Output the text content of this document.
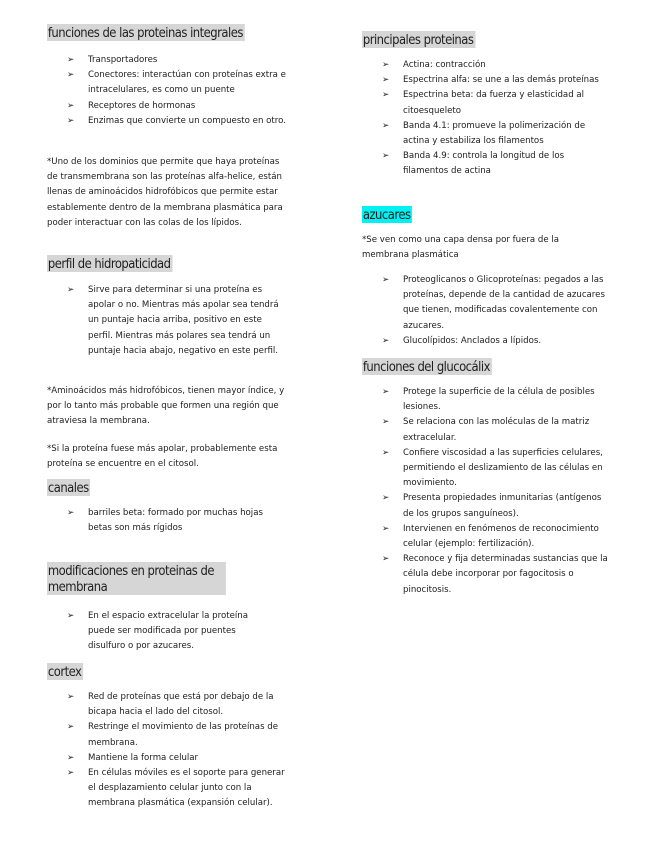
funciones de las proteinas integrales
➢ Transportadores
➢ Conectores: interactúan con proteínas extra e intracelulares, es como un puente
➢ Receptores de hormonas
➢ Enzimas que convierte un compuesto en otro.

*Uno de los dominios que permite que haya proteínas de transmembrana son las proteínas alfa-helice, están llenas de aminoácidos hidrofóbicos que permite estar establemente dentro de la membrana plasmática para poder interactuar con las colas de los lípidos.

perfil de hidropaticidad
➢ Sirve para determinar si una proteína es apolar o no. Mientras más apolar sea tendrá un puntaje hacia arriba, positivo en este perfil. Mientras más polares sea tendrá un puntaje hacia abajo, negativo en este perfil.

*Aminoácidos más hidrofóbicos, tienen mayor índice, y por lo tanto más probable que formen una región que atraviesa la membrana.

*Si la proteína fuese más apolar, probablemente esta proteína se encuentre en el citosol.

canales
➢ barriles beta: formado por muchas hojas betas son más rígidos
modificaciones en proteinas de membrana
➢ En el espacio extracelular la proteína puede ser modificada por puentes disulfuro o por azucares.
cortex
➢ Red de proteínas que está por debajo de la bicapa hacia el lado del citosol.
➢ Restringe el movimiento de las proteínas de membrana.
➢ Mantiene la forma celular
➢ En células móviles es el soporte para generar el desplazamiento celular junto con la membrana plasmática (expansión celular).
principales proteinas
➢ Actina: contracción
➢ Espectrina alfa: se une a las demás proteínas
➢ Espectrina beta: da fuerza y elasticidad al citoesqueleto
➢ Banda 4.1: promueve la polimerización de actina y estabiliza los filamentos
➢ Banda 4.9: controla la longitud de los filamentos de actina
azucares

*Se ven como una capa densa por fuera de la membrana plasmática

➢ Proteoglicanos o Glicoproteínas: pegados a las proteínas, depende de la cantidad de azucares que tienen, modificadas covalentemente con azucares.
➢ Glucolípidos: Anclados a lípidos.
funciones del glucocálix
➢ Protege la superficie de la célula de posibles lesiones.
➢ Se relaciona con las moléculas de la matriz extracelular.
➢ Confiere viscosidad a las superficies celulares, permitiendo el deslizamiento de las células en movimiento.
➢ Presenta propiedades inmunitarias (antígenos de los grupos sanguíneos).
➢ Intervienen en fenómenos de reconocimiento celular (ejemplo: fertilización).
➢ Reconoce y fija determinadas sustancias que la célula debe incorporar por fagocitosis o pinocitosis.
